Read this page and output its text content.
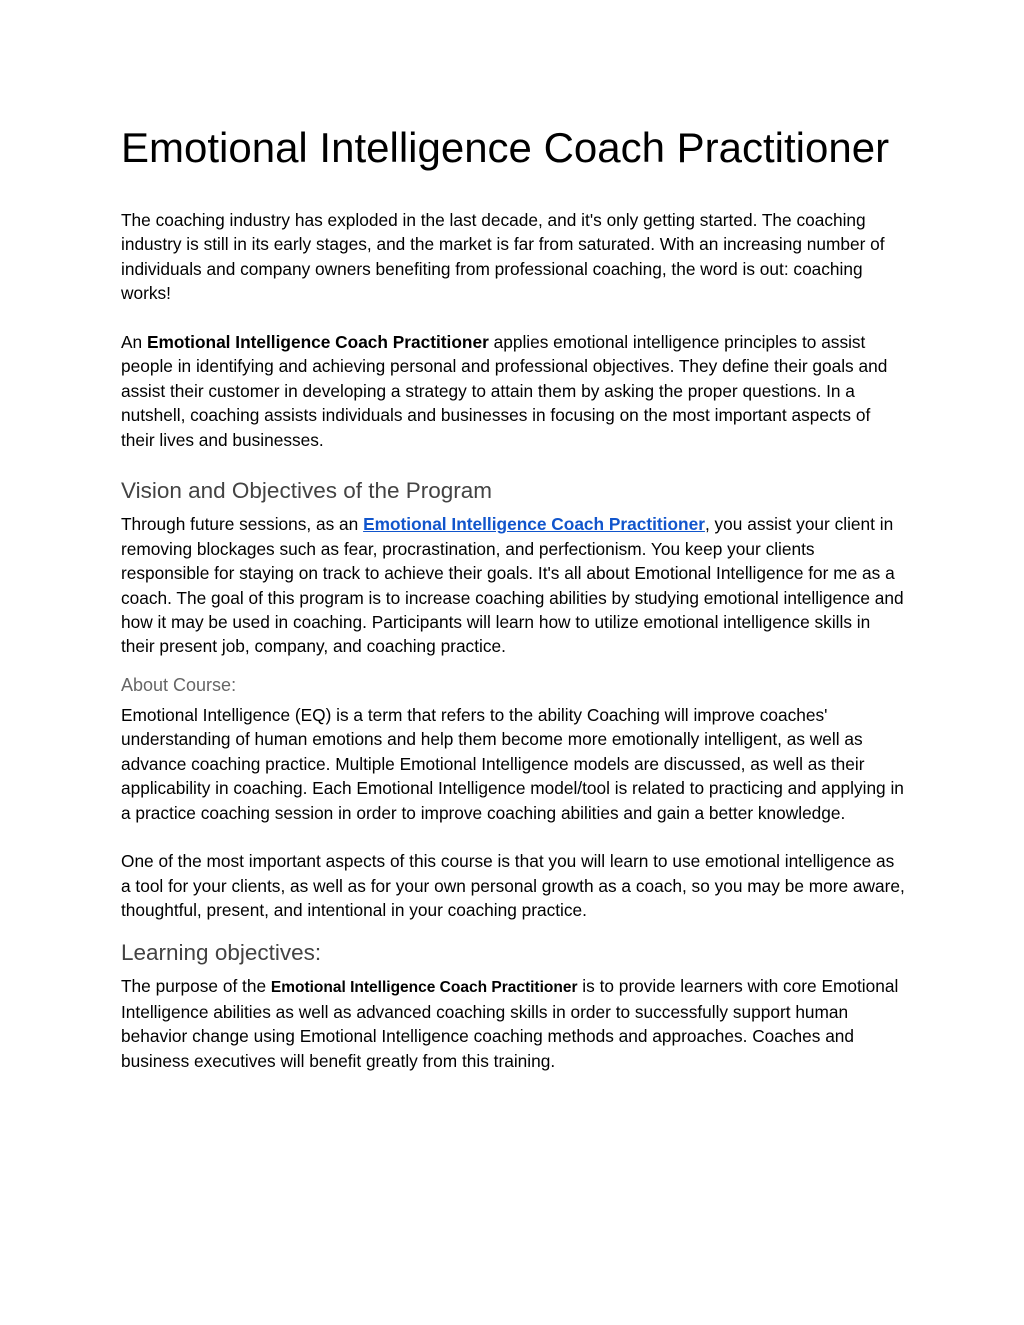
Emotional Intelligence Coach Practitioner

The coaching industry has exploded in the last decade, and it's only getting started. The coaching industry is still in its early stages, and the market is far from saturated. With an increasing number of individuals and company owners benefiting from professional coaching, the word is out: coaching works!

An Emotional Intelligence Coach Practitioner applies emotional intelligence principles to assist people in identifying and achieving personal and professional objectives. They define their goals and assist their customer in developing a strategy to attain them by asking the proper questions. In a nutshell, coaching assists individuals and businesses in focusing on the most important aspects of their lives and businesses.

Vision and Objectives of the Program

Through future sessions, as an Emotional Intelligence Coach Practitioner, you assist your client in removing blockages such as fear, procrastination, and perfectionism. You keep your clients responsible for staying on track to achieve their goals. It's all about Emotional Intelligence for me as a coach. The goal of this program is to increase coaching abilities by studying emotional intelligence and how it may be used in coaching. Participants will learn how to utilize emotional intelligence skills in their present job, company, and coaching practice.

About Course:

Emotional Intelligence (EQ) is a term that refers to the ability Coaching will improve coaches' understanding of human emotions and help them become more emotionally intelligent, as well as advance coaching practice. Multiple Emotional Intelligence models are discussed, as well as their applicability in coaching. Each Emotional Intelligence model/tool is related to practicing and applying in a practice coaching session in order to improve coaching abilities and gain a better knowledge.

One of the most important aspects of this course is that you will learn to use emotional intelligence as a tool for your clients, as well as for your own personal growth as a coach, so you may be more aware, thoughtful, present, and intentional in your coaching practice.

Learning objectives:

The purpose of the Emotional Intelligence Coach Practitioner is to provide learners with core Emotional Intelligence abilities as well as advanced coaching skills in order to successfully support human behavior change using Emotional Intelligence coaching methods and approaches. Coaches and business executives will benefit greatly from this training.
